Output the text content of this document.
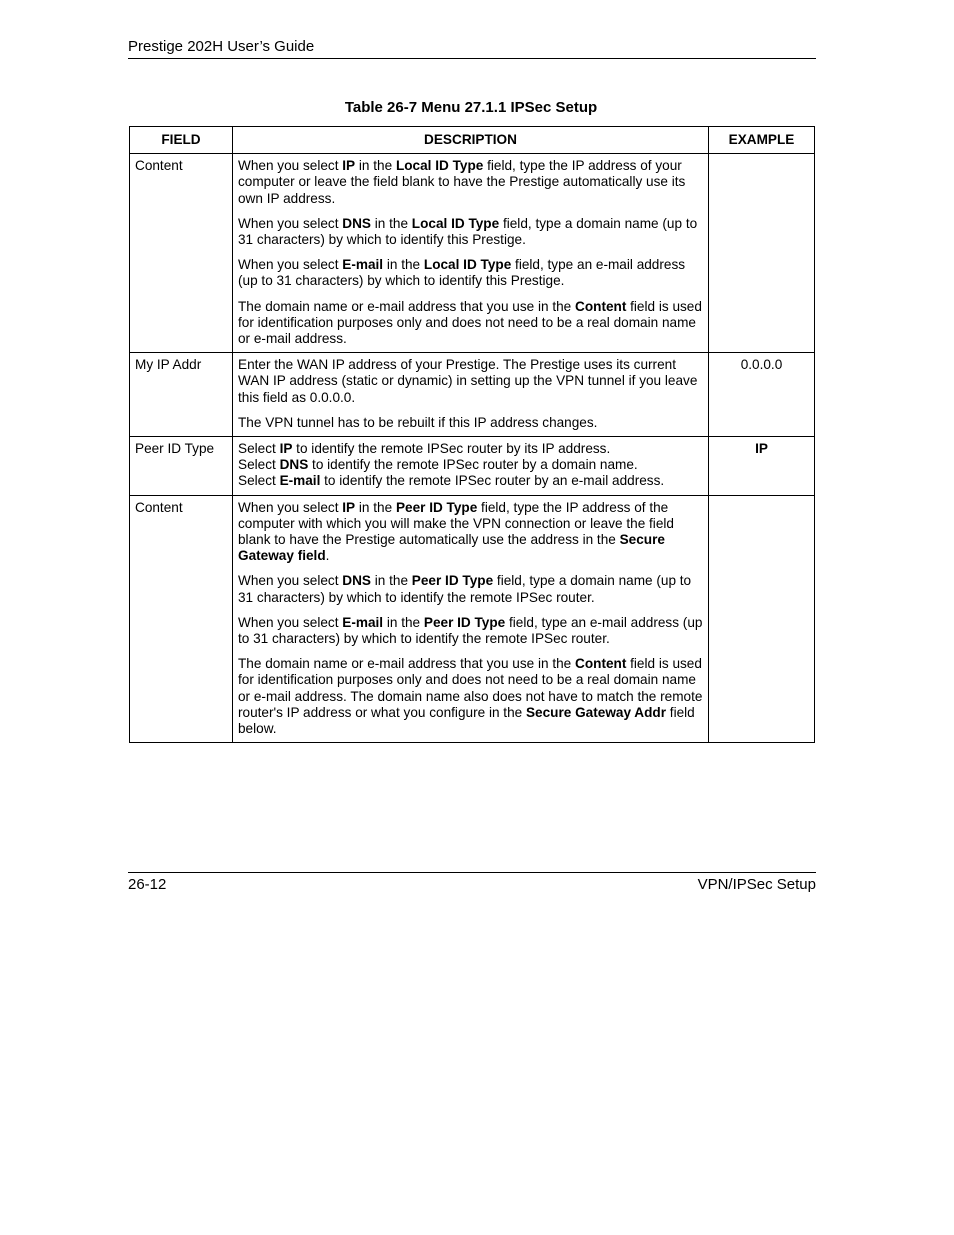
Prestige 202H User’s Guide
Table 26-7 Menu 27.1.1 IPSec Setup
FIELD	DESCRIPTION	EXAMPLE
Content	When you select IP in the Local ID Type field, type the IP address of your computer or leave the field blank to have the Prestige automatically use its own IP address.
When you select DNS in the Local ID Type field, type a domain name (up to 31 characters) by which to identify this Prestige.
When you select E-mail in the Local ID Type field, type an e-mail address (up to 31 characters) by which to identify this Prestige.
The domain name or e-mail address that you use in the Content field is used for identification purposes only and does not need to be a real domain name or e-mail address.	

My IP Addr	Enter the WAN IP address of your Prestige. The Prestige uses its current WAN IP address (static or dynamic) in setting up the VPN tunnel if you leave this field as 0.0.0.0.
The VPN tunnel has to be rebuilt if this IP address changes.	0.0.0.0
Peer ID Type	Select IP to identify the remote IPSec router by its IP address.
Select DNS to identify the remote IPSec router by a domain name.
Select E-mail to identify the remote IPSec router by an e-mail address.	IP
Content	When you select IP in the Peer ID Type field, type the IP address of the computer with which you will make the VPN connection or leave the field blank to have the Prestige automatically use the address in the Secure Gateway field.
When you select DNS in the Peer ID Type field, type a domain name (up to 31 characters) by which to identify the remote IPSec router.
When you select E-mail in the Peer ID Type field, type an e-mail address (up to 31 characters) by which to identify the remote IPSec router.
The domain name or e-mail address that you use in the Content field is used for identification purposes only and does not need to be a real domain name or e-mail address. The domain name also does not have to match the remote router's IP address or what you configure in the Secure Gateway Addr field below.	

26-12	VPN/IPSec Setup
